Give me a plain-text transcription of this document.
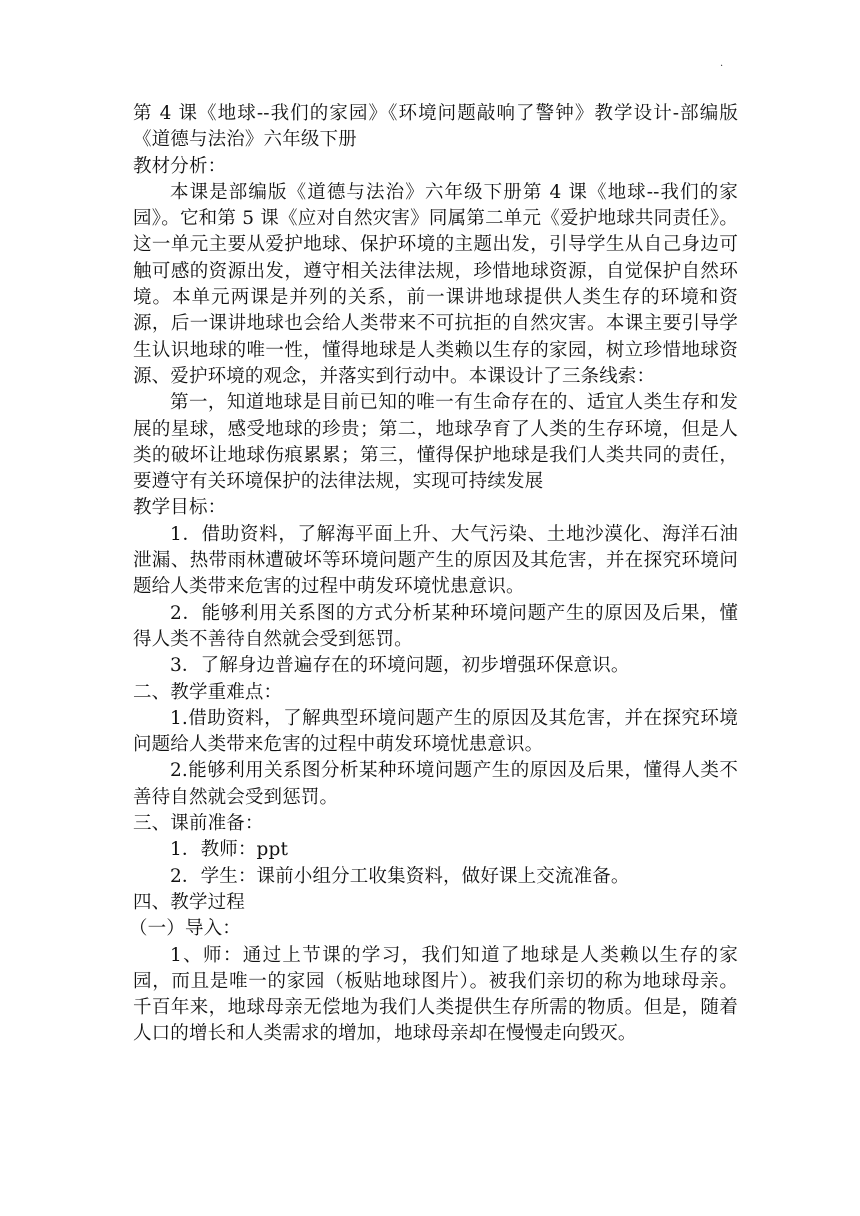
.

第 4 课《地球--我们的家园》《环境问题敲响了警钟》教学设计-部编版《道德与法治》六年级下册

教材分析：

本课是部编版《道德与法治》六年级下册第 4 课《地球--我们的家园》。它和第 5 课《应对自然灾害》同属第二单元《爱护地球共同责任》。这一单元主要从爱护地球、保护环境的主题出发，引导学生从自己身边可触可感的资源出发，遵守相关法律法规，珍惜地球资源，自觉保护自然环境。本单元两课是并列的关系，前一课讲地球提供人类生存的环境和资源，后一课讲地球也会给人类带来不可抗拒的自然灾害。本课主要引导学生认识地球的唯一性，懂得地球是人类赖以生存的家园，树立珍惜地球资源、爱护环境的观念，并落实到行动中。本课设计了三条线索：

第一，知道地球是目前已知的唯一有生命存在的、适宜人类生存和发展的星球，感受地球的珍贵；第二，地球孕育了人类的生存环境，但是人类的破坏让地球伤痕累累；第三，懂得保护地球是我们人类共同的责任，要遵守有关环境保护的法律法规，实现可持续发展

教学目标：

1．借助资料，了解海平面上升、大气污染、土地沙漠化、海洋石油泄漏、热带雨林遭破坏等环境问题产生的原因及其危害，并在探究环境问题给人类带来危害的过程中萌发环境忧患意识。

2．能够利用关系图的方式分析某种环境问题产生的原因及后果，懂得人类不善待自然就会受到惩罚。

3．了解身边普遍存在的环境问题，初步增强环保意识。

二、教学重难点：

1.借助资料，了解典型环境问题产生的原因及其危害，并在探究环境问题给人类带来危害的过程中萌发环境忧患意识。

2.能够利用关系图分析某种环境问题产生的原因及后果，懂得人类不善待自然就会受到惩罚。

三、课前准备：

1．教师：ppt

2．学生：课前小组分工收集资料，做好课上交流准备。

四、教学过程

（一）导入：

1、师：通过上节课的学习，我们知道了地球是人类赖以生存的家园，而且是唯一的家园（板贴地球图片）。被我们亲切的称为地球母亲。千百年来，地球母亲无偿地为我们人类提供生存所需的物质。但是，随着人口的增长和人类需求的增加，地球母亲却在慢慢走向毁灭。
